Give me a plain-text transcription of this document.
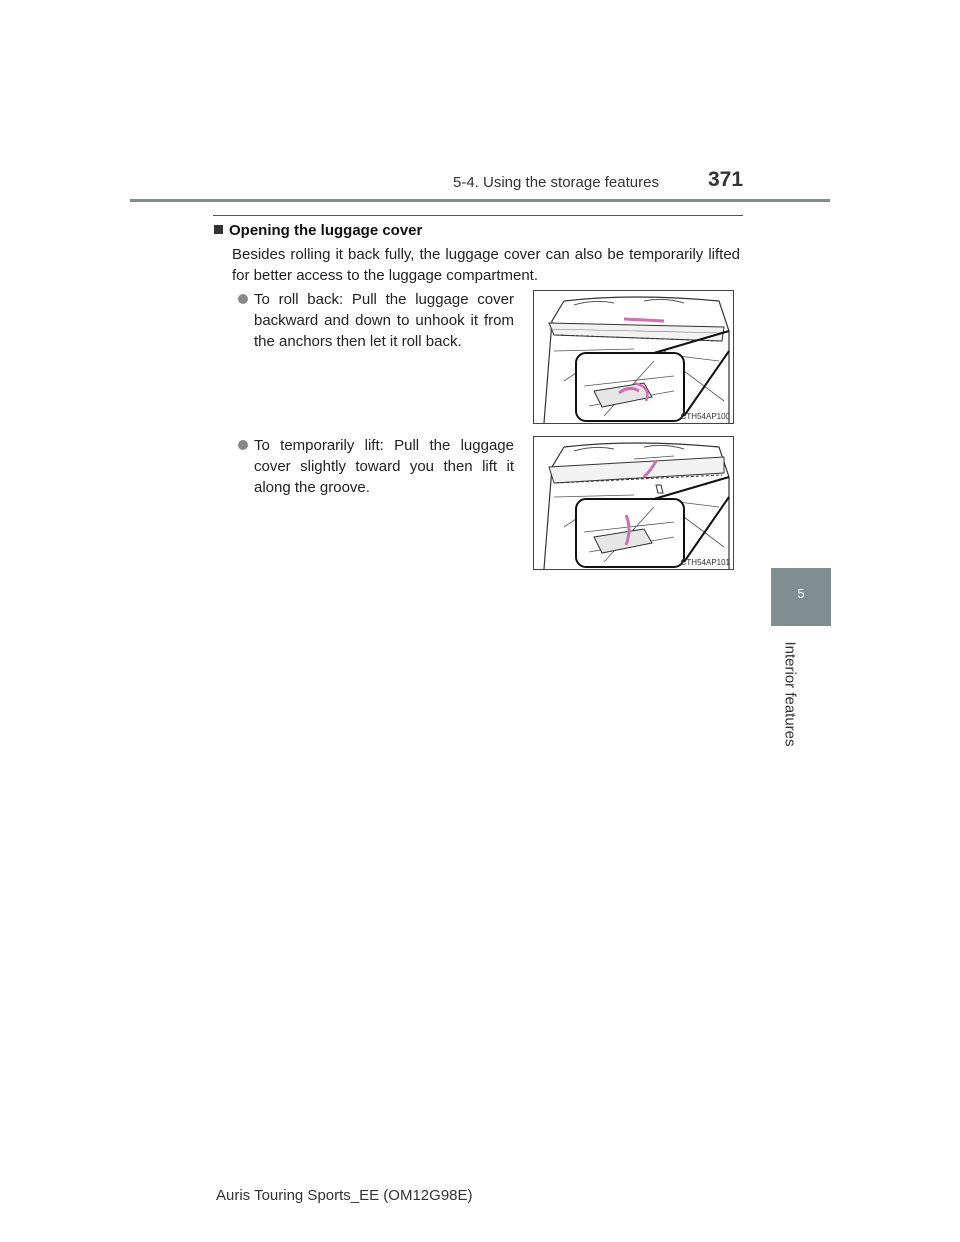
5-4. Using the storage features 371
Opening the luggage cover

Besides rolling it back fully, the luggage cover can also be temporarily lifted for better access to the luggage compartment.

To roll back: Pull the luggage cover backward and down to unhook it from the anchors then let it roll back.

CTH54AP100

To temporarily lift: Pull the luggage cover slightly toward you then lift it along the groove.

CTH54AP101
5
Interior features
Auris Touring Sports_EE (OM12G98E)
